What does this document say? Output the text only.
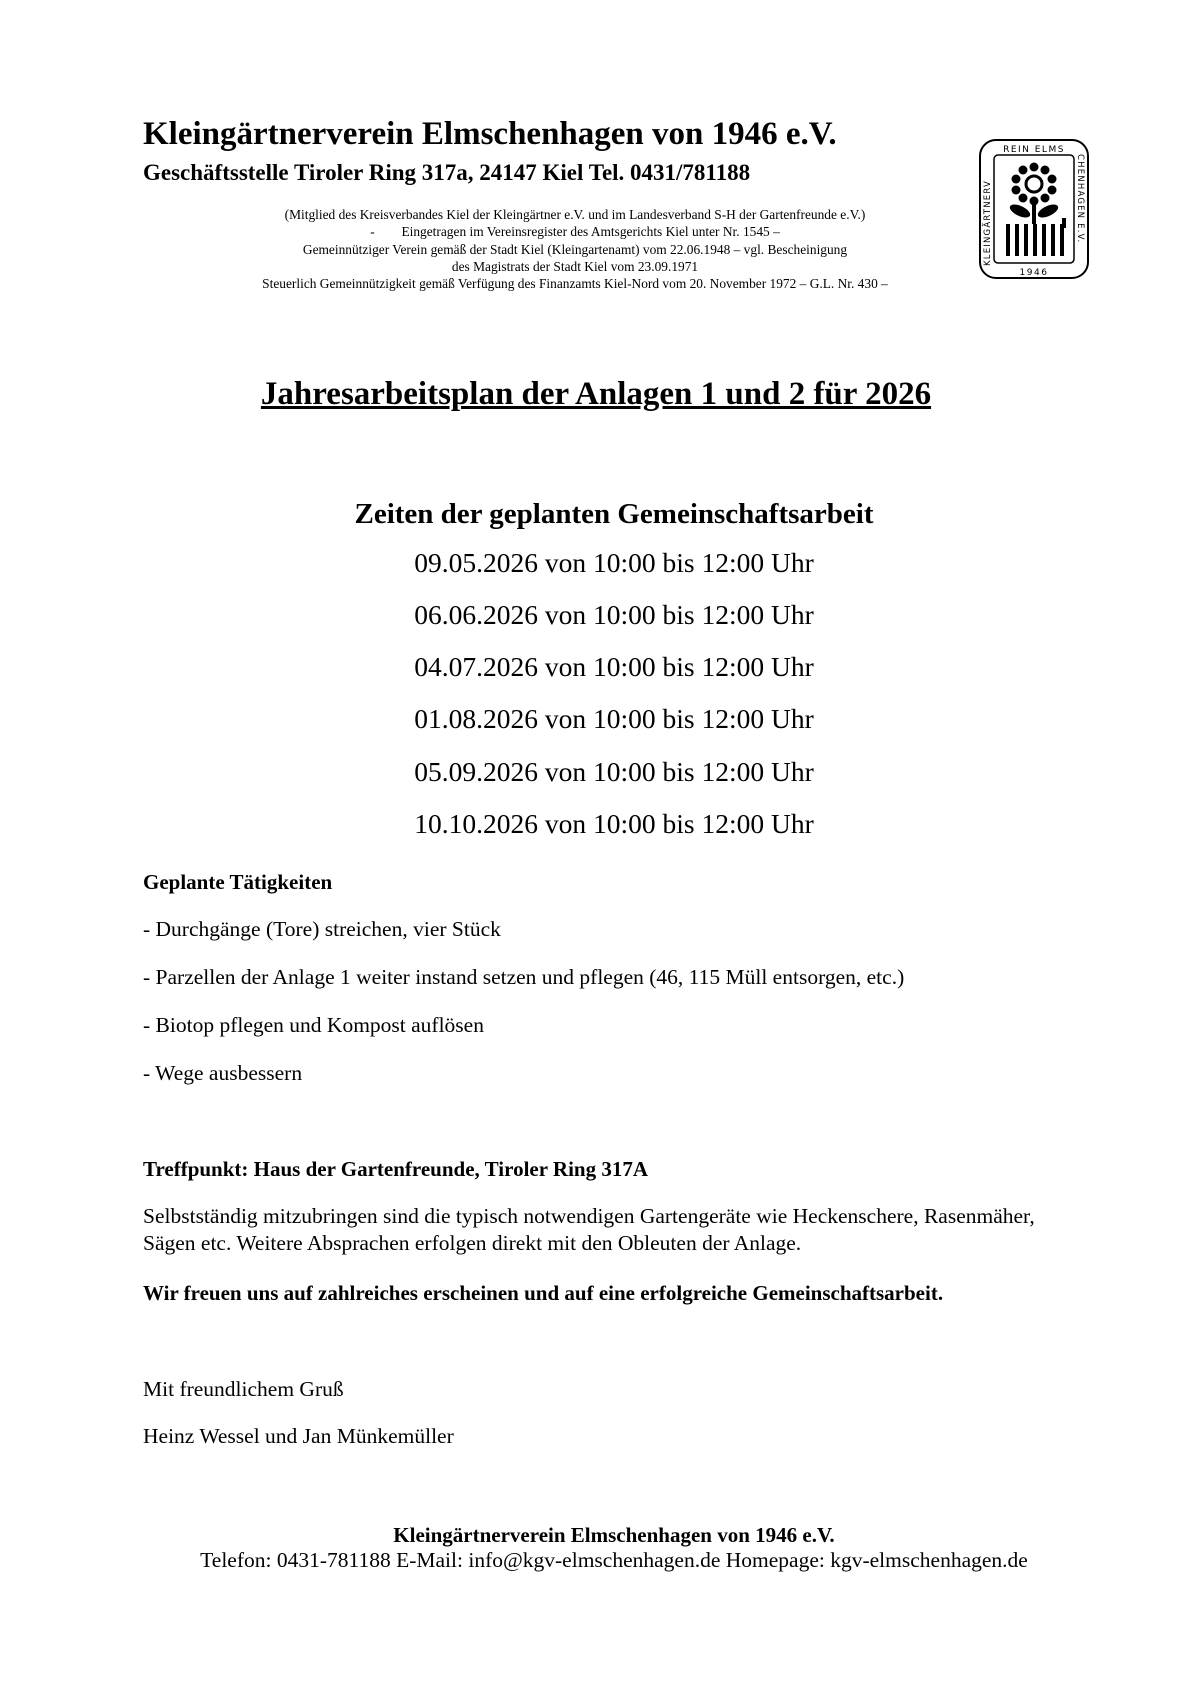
Kleingärtnerverein Elmschenhagen von 1946 e.V.
Geschäftsstelle Tiroler Ring 317a, 24147 Kiel Tel. 0431/781188
(Mitglied des Kreisverbandes Kiel der Kleingärtner e.V. und im Landesverband S-H der Gartenfreunde e.V.)
-        Eingetragen im Vereinsregister des Amtsgerichts Kiel unter Nr. 1545 –
Gemeinnütziger Verein gemäß der Stadt Kiel (Kleingartenamt) vom 22.06.1948 – vgl. Bescheinigung
des Magistrats der Stadt Kiel vom 23.09.1971
Steuerlich Gemeinnützigkeit gemäß Verfügung des Finanzamts Kiel-Nord vom 20. November 1972 – G.L. Nr. 430 –
REIN ELMS
1946
KLEINGÄRTNERV	CHENHAGEN E.V.
Jahresarbeitsplan der Anlagen 1 und 2 für 2026
Zeiten der geplanten Gemeinschaftsarbeit
09.05.2026 von 10:00 bis 12:00 Uhr
06.06.2026 von 10:00 bis 12:00 Uhr
04.07.2026 von 10:00 bis 12:00 Uhr
01.08.2026 von 10:00 bis 12:00 Uhr
05.09.2026 von 10:00 bis 12:00 Uhr
10.10.2026 von 10:00 bis 12:00 Uhr
Geplante Tätigkeiten
- Durchgänge (Tore) streichen, vier Stück
- Parzellen der Anlage 1 weiter instand setzen und pflegen (46, 115 Müll entsorgen, etc.)
- Biotop pflegen und Kompost auflösen
- Wege ausbessern
Treffpunkt: Haus der Gartenfreunde, Tiroler Ring 317A
Selbstständig mitzubringen sind die typisch notwendigen Gartengeräte wie Heckenschere, Rasenmäher, Sägen etc. Weitere Absprachen erfolgen direkt mit den Obleuten der Anlage.
Wir freuen uns auf zahlreiches erscheinen und auf eine erfolgreiche Gemeinschaftsarbeit.
Mit freundlichem Gruß
Heinz Wessel und Jan Münkemüller
Kleingärtnerverein Elmschenhagen von 1946 e.V.
Telefon: 0431-781188 E-Mail: info@kgv-elmschenhagen.de Homepage: kgv-elmschenhagen.de
